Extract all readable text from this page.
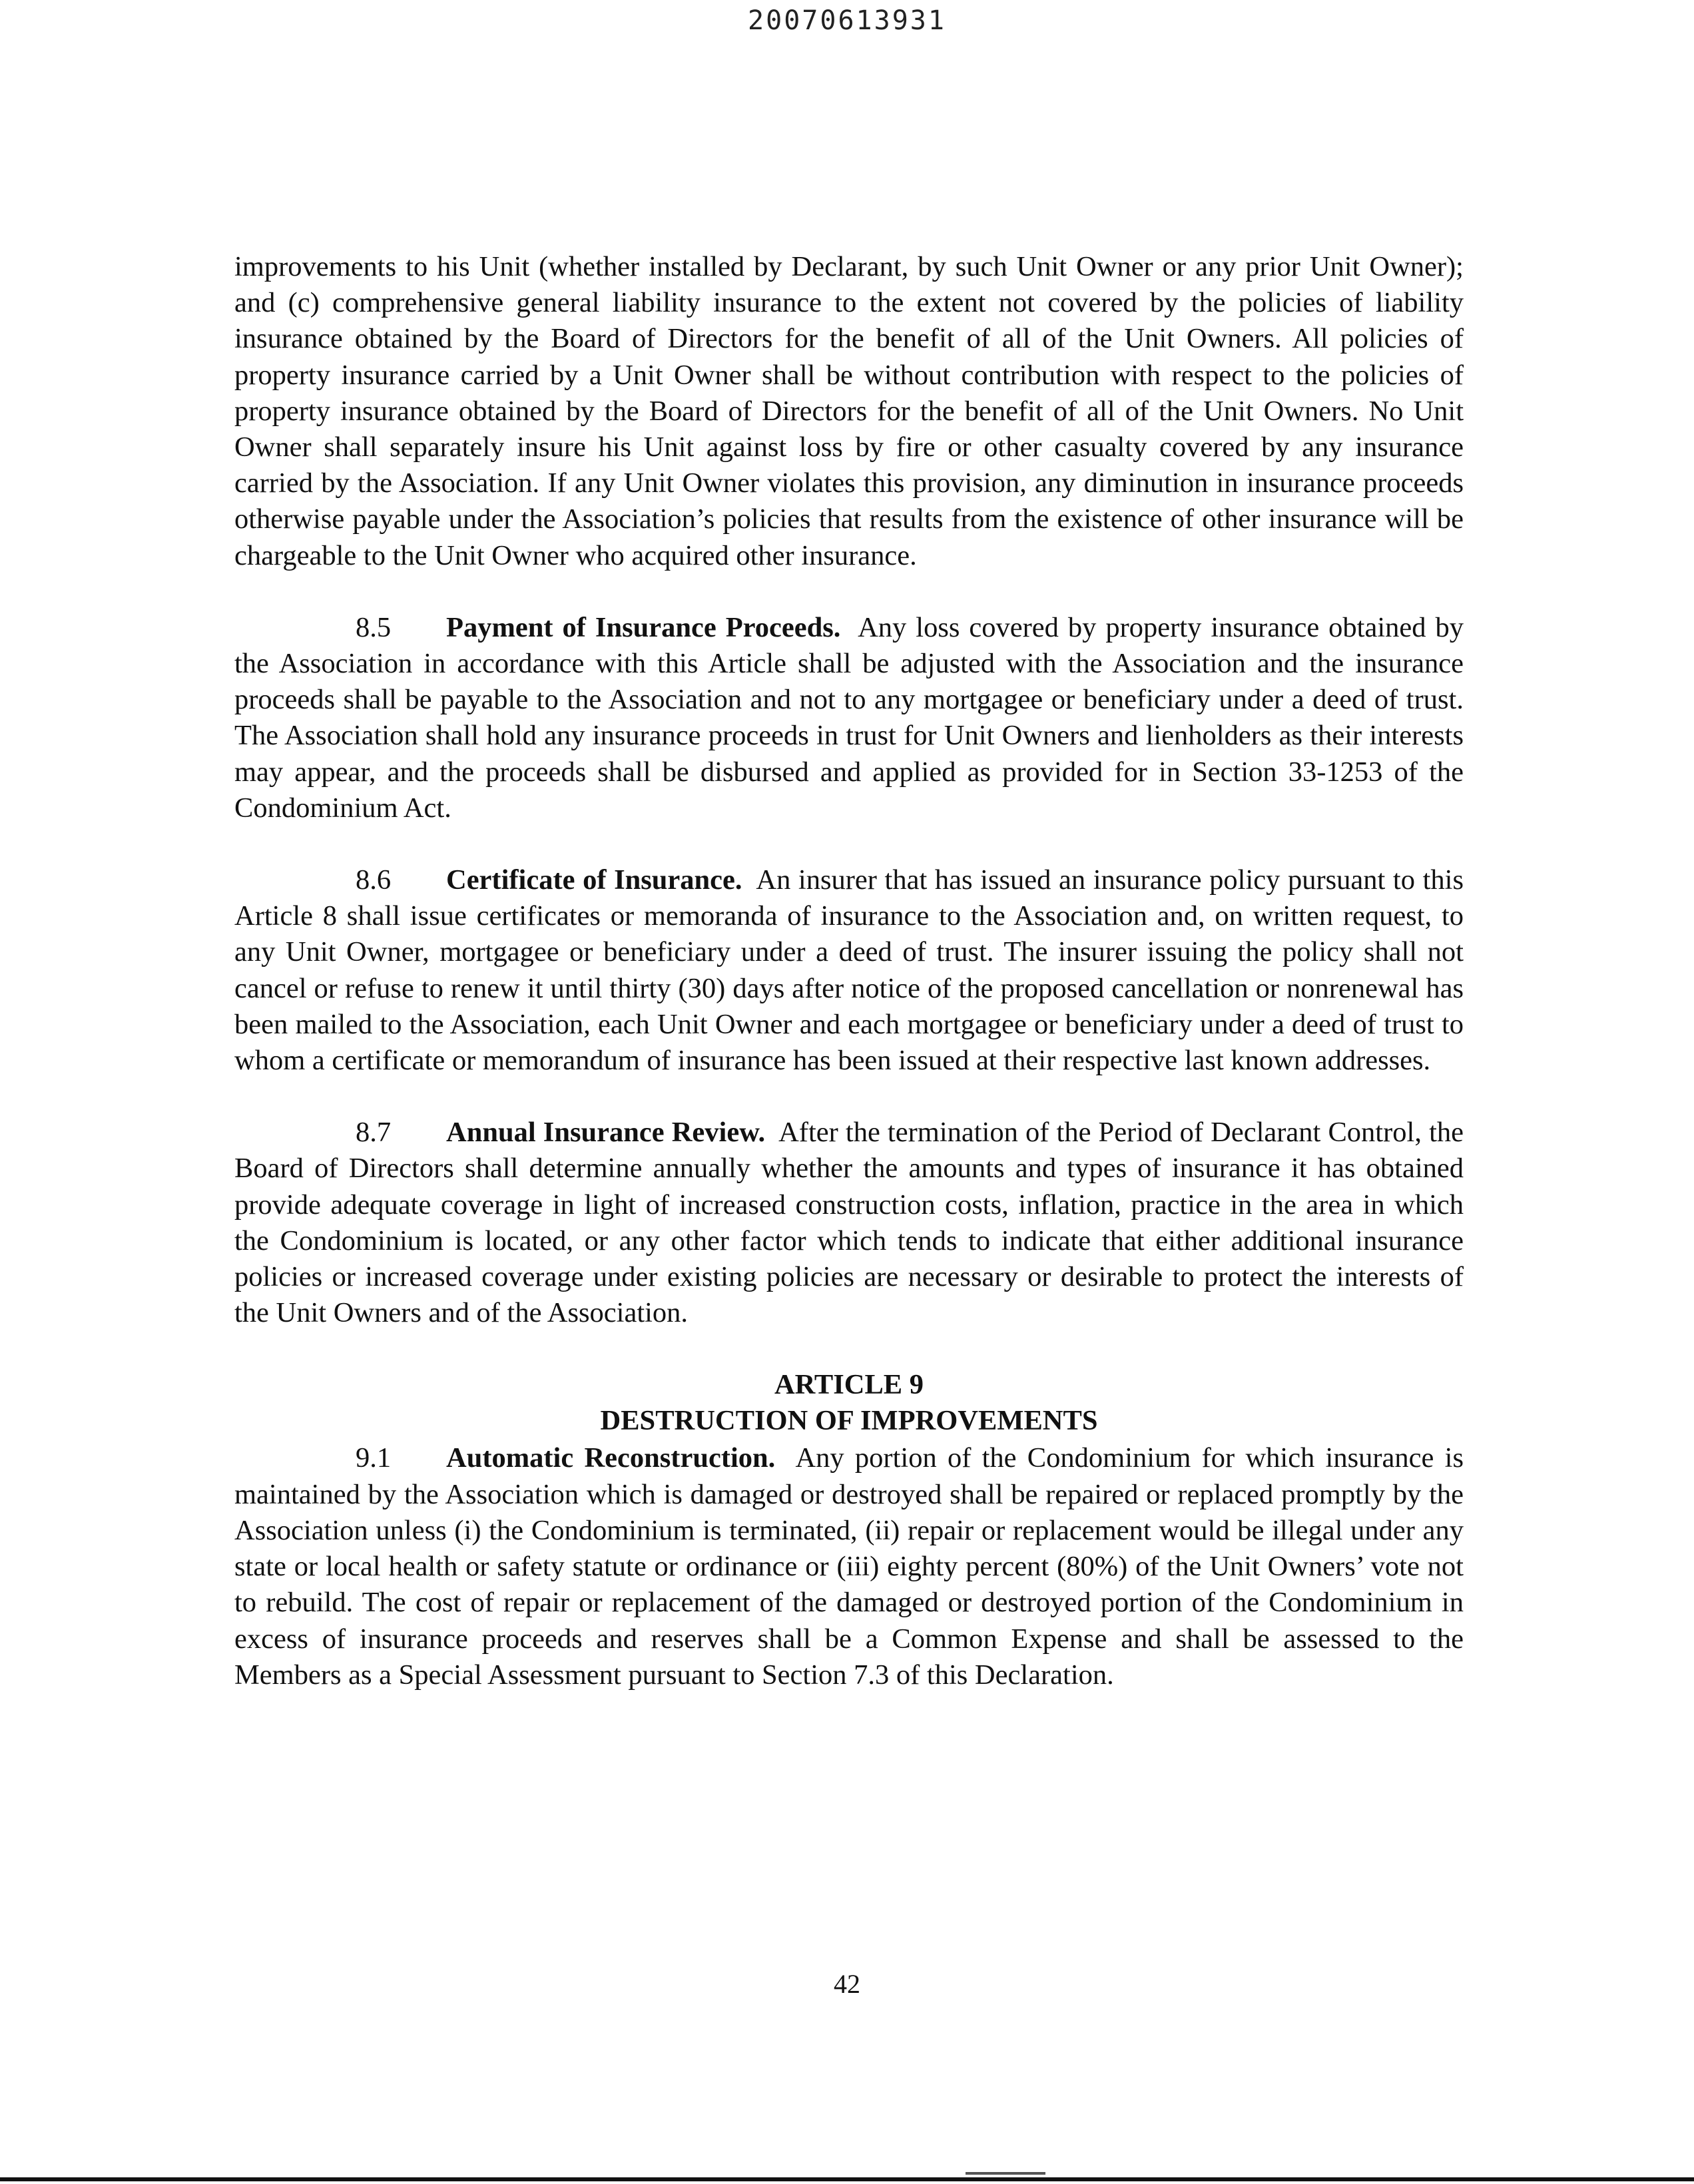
20070613931

improvements to his Unit (whether installed by Declarant, by such Unit Owner or any prior Unit Owner); and (c) comprehensive general liability insurance to the extent not covered by the policies of liability insurance obtained by the Board of Directors for the benefit of all of the Unit Owners. All policies of property insurance carried by a Unit Owner shall be without contribution with respect to the policies of property insurance obtained by the Board of Directors for the benefit of all of the Unit Owners. No Unit Owner shall separately insure his Unit against loss by fire or other casualty covered by any insurance carried by the Association. If any Unit Owner violates this provision, any diminution in insurance proceeds otherwise payable under the Association’s policies that results from the existence of other insurance will be chargeable to the Unit Owner who acquired other insurance.

8.5 Payment of Insurance Proceeds. Any loss covered by property insurance obtained by the Association in accordance with this Article shall be adjusted with the Association and the insurance proceeds shall be payable to the Association and not to any mortgagee or beneficiary under a deed of trust. The Association shall hold any insurance proceeds in trust for Unit Owners and lienholders as their interests may appear, and the proceeds shall be disbursed and applied as provided for in Section 33-1253 of the Condominium Act.

8.6 Certificate of Insurance. An insurer that has issued an insurance policy pursuant to this Article 8 shall issue certificates or memoranda of insurance to the Association and, on written request, to any Unit Owner, mortgagee or beneficiary under a deed of trust. The insurer issuing the policy shall not cancel or refuse to renew it until thirty (30) days after notice of the proposed cancellation or nonrenewal has been mailed to the Association, each Unit Owner and each mortgagee or beneficiary under a deed of trust to whom a certificate or memorandum of insurance has been issued at their respective last known addresses.

8.7 Annual Insurance Review. After the termination of the Period of Declarant Control, the Board of Directors shall determine annually whether the amounts and types of insurance it has obtained provide adequate coverage in light of increased construction costs, inflation, practice in the area in which the Condominium is located, or any other factor which tends to indicate that either additional insurance policies or increased coverage under existing policies are necessary or desirable to protect the interests of the Unit Owners and of the Association.

ARTICLE 9
DESTRUCTION OF IMPROVEMENTS

9.1 Automatic Reconstruction. Any portion of the Condominium for which insurance is maintained by the Association which is damaged or destroyed shall be repaired or replaced promptly by the Association unless (i) the Condominium is terminated, (ii) repair or replacement would be illegal under any state or local health or safety statute or ordinance or (iii) eighty percent (80%) of the Unit Owners’ vote not to rebuild. The cost of repair or replacement of the damaged or destroyed portion of the Condominium in excess of insurance proceeds and reserves shall be a Common Expense and shall be assessed to the Members as a Special Assessment pursuant to Section 7.3 of this Declaration.

42
